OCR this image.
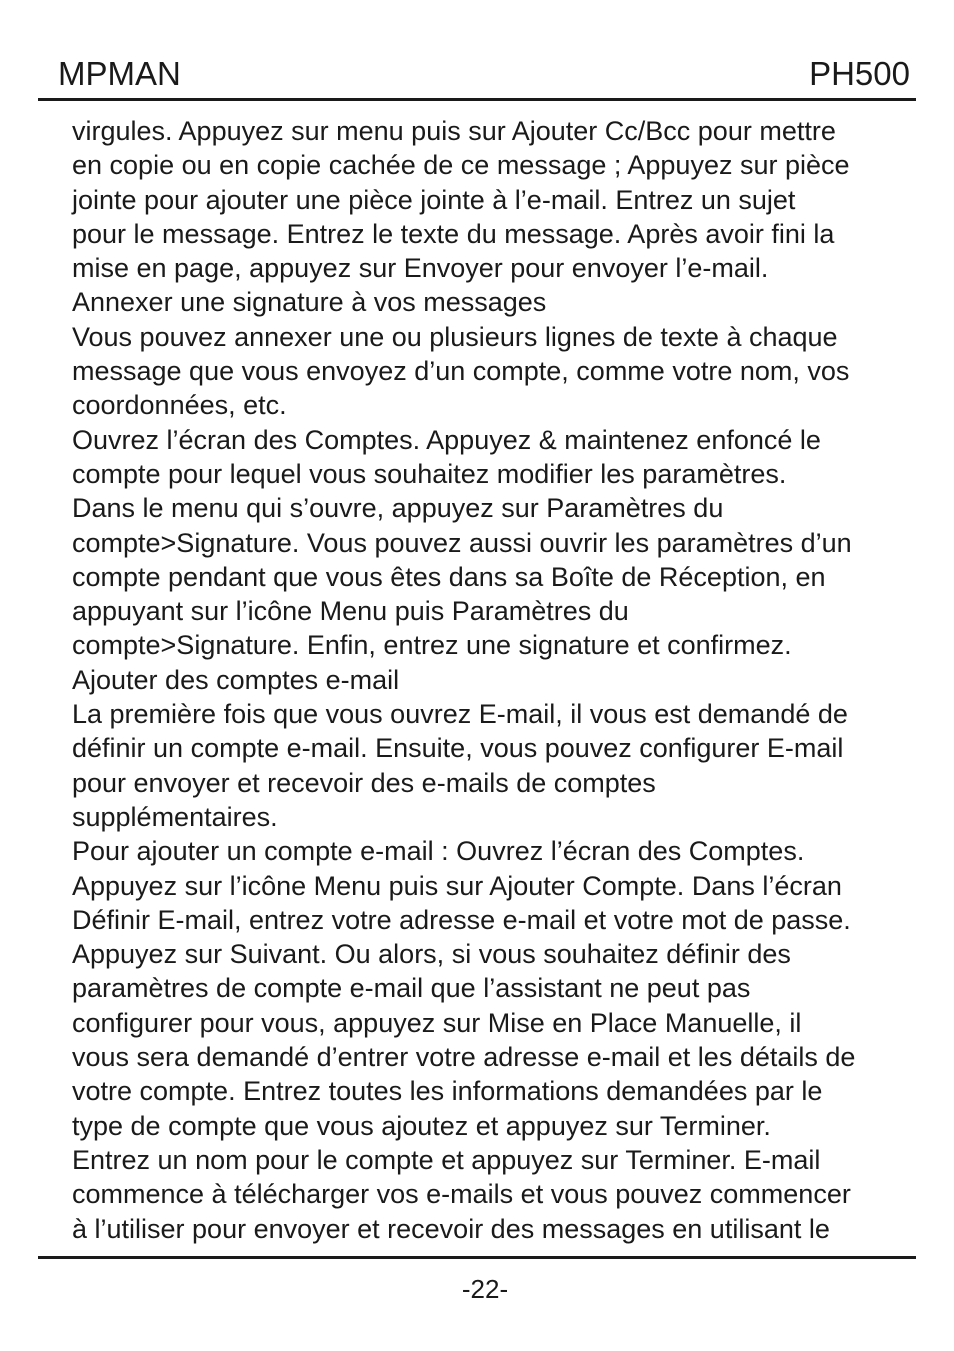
MPMAN	PH500
virgules. Appuyez sur menu puis sur Ajouter Cc/Bcc pour mettre
en copie ou en copie cachée de ce message ; Appuyez sur pièce
jointe pour ajouter une pièce jointe à l’e-mail. Entrez un sujet
pour le message. Entrez le texte du message. Après avoir fini la
mise en page, appuyez sur Envoyer pour envoyer l’e-mail.
Annexer une signature à vos messages
Vous pouvez annexer une ou plusieurs lignes de texte à chaque
message que vous envoyez d’un compte, comme votre nom, vos
coordonnées, etc.
Ouvrez l’écran des Comptes. Appuyez & maintenez enfoncé le
compte pour lequel vous souhaitez modifier les paramètres.
Dans le menu qui s’ouvre, appuyez sur Paramètres du
compte>Signature. Vous pouvez aussi ouvrir les paramètres d’un
compte pendant que vous êtes dans sa Boîte de Réception, en
appuyant sur l’icône Menu puis Paramètres du
compte>Signature. Enfin, entrez une signature et confirmez.
Ajouter des comptes e-mail
La première fois que vous ouvrez E-mail, il vous est demandé de
définir un compte e-mail. Ensuite, vous pouvez configurer E-mail
pour envoyer et recevoir des e-mails de comptes
supplémentaires.
Pour ajouter un compte e-mail : Ouvrez l’écran des Comptes.
Appuyez sur l’icône Menu puis sur Ajouter Compte. Dans l’écran
Définir E-mail, entrez votre adresse e-mail et votre mot de passe.
Appuyez sur Suivant. Ou alors, si vous souhaitez définir des
paramètres de compte e-mail que l’assistant ne peut pas
configurer pour vous, appuyez sur Mise en Place Manuelle, il
vous sera demandé d’entrer votre adresse e-mail et les détails de
votre compte. Entrez toutes les informations demandées par le
type de compte que vous ajoutez et appuyez sur Terminer.
Entrez un nom pour le compte et appuyez sur Terminer. E-mail
commence à télécharger vos e-mails et vous pouvez commencer
à l’utiliser pour envoyer et recevoir des messages en utilisant le
-22-
